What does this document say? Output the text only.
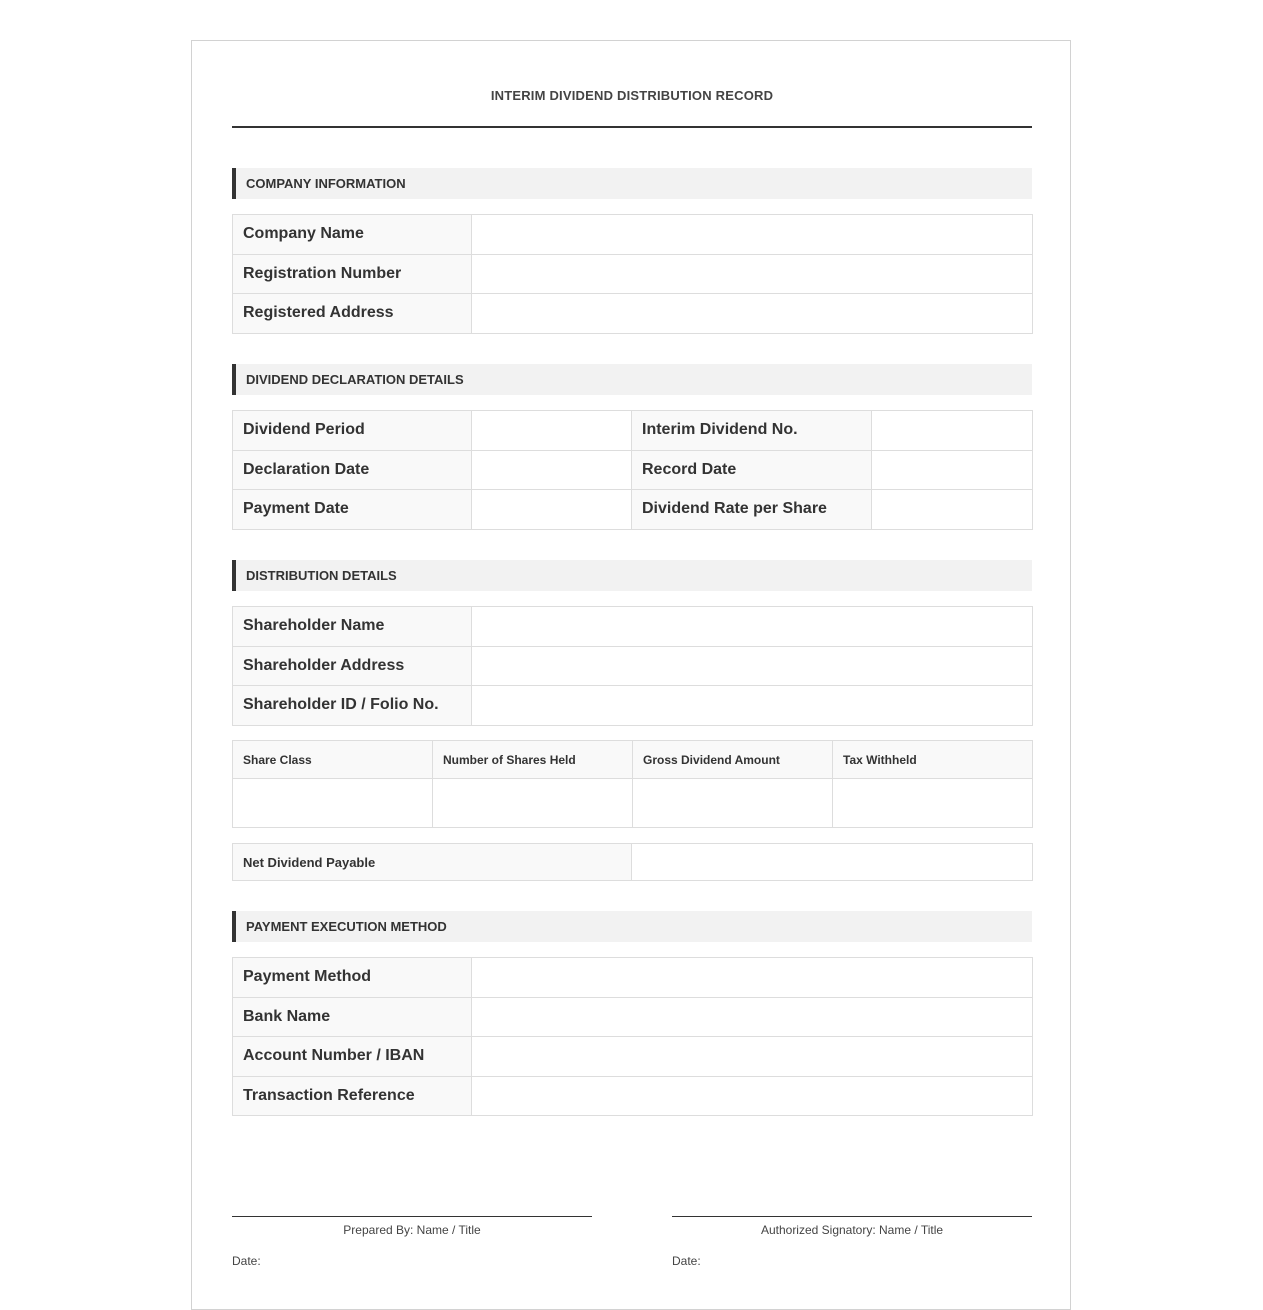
INTERIM DIVIDEND DISTRIBUTION RECORD
COMPANY INFORMATION
Company Name	
Registration Number	
Registered Address	
DIVIDEND DECLARATION DETAILS
Dividend Period		Interim Dividend No.	
Declaration Date		Record Date	
Payment Date		Dividend Rate per Share	
DISTRIBUTION DETAILS
Shareholder Name	
Shareholder Address	
Shareholder ID / Folio No.	
Share Class	Number of Shares Held	Gross Dividend Amount	Tax Withheld

Net Dividend Payable	
PAYMENT EXECUTION METHOD
Payment Method	
Bank Name	
Account Number / IBAN	
Transaction Reference	
Prepared By: Name / Title
Date:
Authorized Signatory: Name / Title
Date:
